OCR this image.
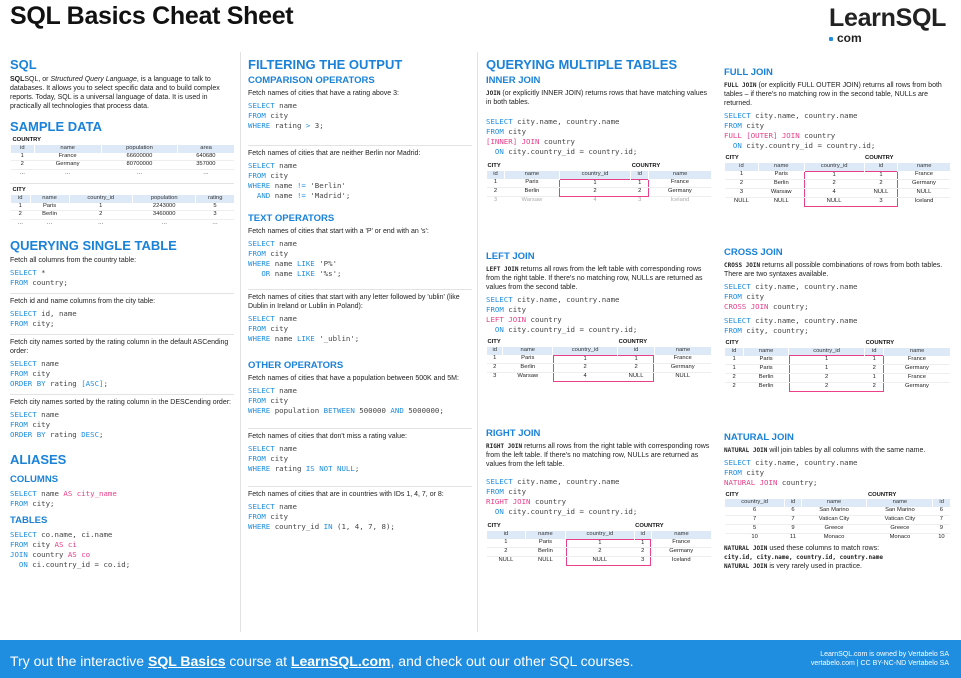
SQL Basics Cheat Sheet	LearnSQL
com
SQL

SQLSQL, or Structured Query Language, is a language to talk to databases. It allows you to select specific data and to build complex reports. Today, SQL is a universal language of data. It is used in practically all technologies that process data.

SAMPLE DATA
COUNTRY			
id	name	population	area
1	France	66600000	640680
2	Germany	80700000	357000
…	…	…	…
CITY				
id	name	country_id	population	rating
1	Paris	1	2243000	5
2	Berlin	2	3460000	3
…	…	…	…	…
QUERYING SINGLE TABLE

Fetch all columns from the country table:

SELECT *
FROM country;

Fetch id and name columns from the city table:

SELECT id, name
FROM city;

Fetch city names sorted by the rating column in the default ASCending order:

SELECT name
FROM city
ORDER BY rating [ASC];

Fetch city names sorted by the rating column in the DESCending order:

SELECT name
FROM city
ORDER BY rating DESC;
ALIASES
COLUMNS
SELECT name AS city_name
FROM city;
TABLES
SELECT co.name, ci.name
FROM city AS ci
JOIN country AS co
ON ci.country_id = co.id;
FILTERING THE OUTPUT
COMPARISON OPERATORS

Fetch names of cities that have a rating above 3:

SELECT name
FROM city
WHERE rating > 3;

Fetch names of cities that are neither Berlin nor Madrid:

SELECT name
FROM city
WHERE name != 'Berlin'
AND name != 'Madrid';
TEXT OPERATORS

Fetch names of cities that start with a 'P' or end with an 's':

SELECT name
FROM city
WHERE name LIKE 'P%'
OR name LIKE '%s';

Fetch names of cities that start with any letter followed by 'ublin' (like Dublin in Ireland or Lublin in Poland):

SELECT name
FROM city
WHERE name LIKE '_ublin';
OTHER OPERATORS

Fetch names of cities that have a population between 500K and 5M:

SELECT name
FROM city
WHERE population BETWEEN 500000 AND 5000000;

Fetch names of cities that don't miss a rating value:

SELECT name
FROM city
WHERE rating IS NOT NULL;

Fetch names of cities that are in countries with IDs 1, 4, 7, or 8:

SELECT name
FROM city
WHERE country_id IN (1, 4, 7, 8);
QUERYING MULTIPLE TABLES
INNER JOIN

JOIN (or explicitly INNER JOIN) returns rows that have matching values in both tables.

SELECT city.name, country.name
FROM city
[INNER] JOIN country
ON city.country_id = country.id;
CITY			COUNTRY	
id	name	country_id	id	name
1	Paris	1	1	France
2	Berlin	2	2	Germany
3	Warsaw	4	3	Iceland
LEFT JOIN

LEFT JOIN returns all rows from the left table with corresponding rows from the right table. If there's no matching row, NULLs are returned as values from the second table.

SELECT city.name, country.name
FROM city
LEFT JOIN country
ON city.country_id = country.id;
CITY			COUNTRY	
id	name	country_id	id	name
1	Paris	1	1	France
2	Berlin	2	2	Germany
3	Warsaw	4	NULL	NULL
RIGHT JOIN

RIGHT JOIN returns all rows from the right table with corresponding rows from the left table. If there's no matching row, NULLs are returned as values from the left table.

SELECT city.name, country.name
FROM city
RIGHT JOIN country
ON city.country_id = country.id;
CITY			COUNTRY	
id	name	country_id	id	name
1	Paris	1	1	France
2	Berlin	2	2	Germany
NULL	NULL	NULL	3	Iceland
FULL JOIN

FULL JOIN (or explicitly FULL OUTER JOIN) returns all rows from both tables – if there's no matching row in the second table, NULLs are returned.

SELECT city.name, country.name
FROM city
FULL [OUTER] JOIN country
ON city.country_id = country.id;
CITY			COUNTRY	
id	name	country_id	id	name
1	Paris	1	1	France
2	Berlin	2	2	Germany
3	Warsaw	4	NULL	NULL
NULL	NULL	NULL	3	Iceland
CROSS JOIN

CROSS JOIN returns all possible combinations of rows from both tables. There are two syntaxes available.

SELECT city.name, country.name
FROM city
CROSS JOIN country;
SELECT city.name, country.name
FROM city, country;
CITY			COUNTRY	
id	name	country_id	id	name
1	Paris	1	1	France
1	Paris	1	2	Germany
2	Berlin	2	1	France
2	Berlin	2	2	Germany
NATURAL JOIN

NATURAL JOIN will join tables by all columns with the same name.

SELECT city.name, country.name
FROM city
NATURAL JOIN country;
CITY			COUNTRY	
country_id	id	name	name	id
6	6	San Marino	San Marino	6
7	7	Vatican City	Vatican City	7
5	9	Greece	Greece	9
10	11	Monaco	Monaco	10

NATURAL JOIN used these columns to match rows:
city.id, city.name, country.id, country.name
NATURAL JOIN is very rarely used in practice.

Try out the interactive SQL Basics course at LearnSQL.com, and check out our other SQL courses.	LearnSQL.com is owned by Vertabelo SA
vertabelo.com | CC BY-NC-ND Vertabelo SA
